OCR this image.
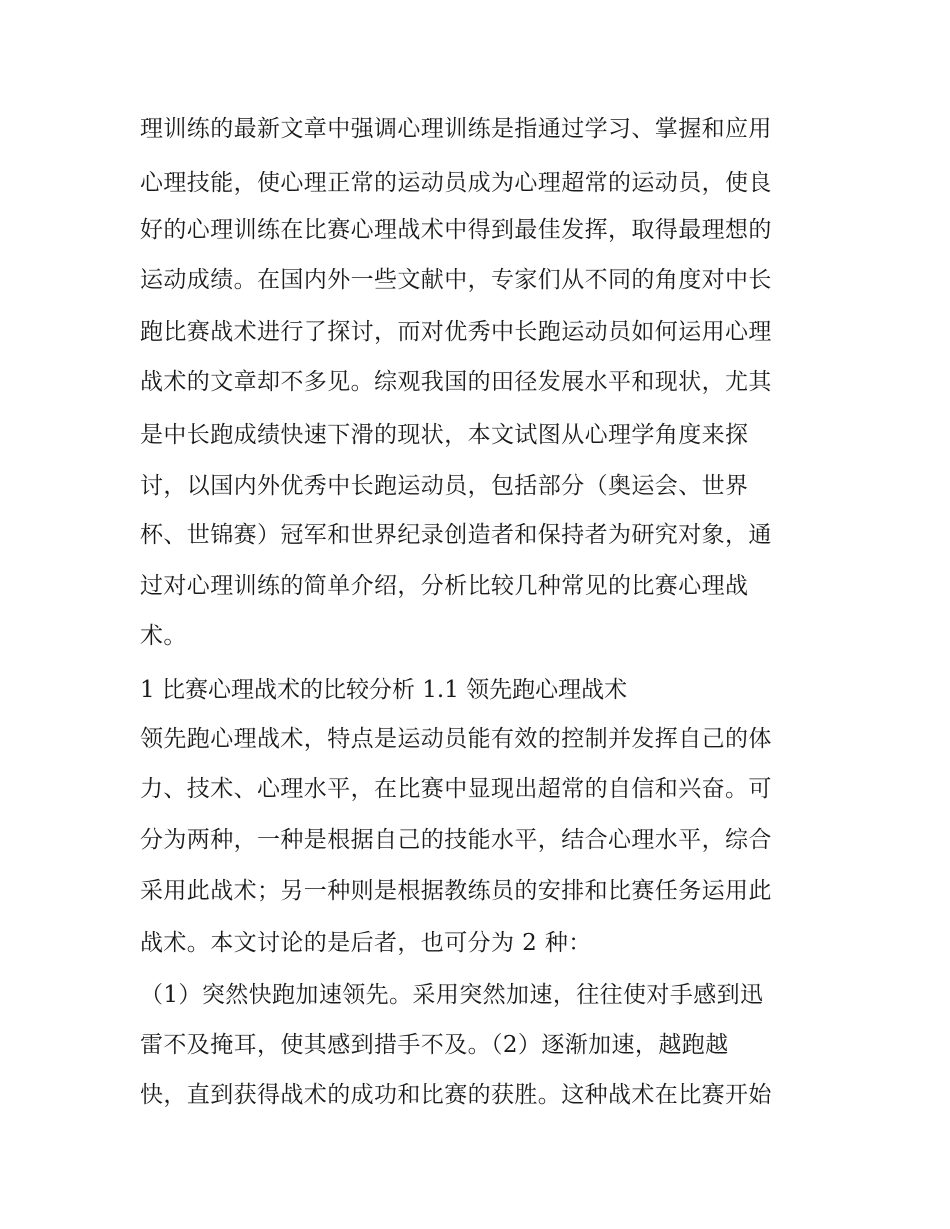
理训练的最新文章中强调心理训练是指通过学习、掌握和应用
心理技能，使心理正常的运动员成为心理超常的运动员，使良
好的心理训练在比赛心理战术中得到最佳发挥，取得最理想的
运动成绩。在国内外一些文献中，专家们从不同的角度对中长
跑比赛战术进行了探讨，而对优秀中长跑运动员如何运用心理
战术的文章却不多见。综观我国的田径发展水平和现状，尤其
是中长跑成绩快速下滑的现状，本文试图从心理学角度来探
讨，以国内外优秀中长跑运动员，包括部分（奥运会、世界
杯、世锦赛）冠军和世界纪录创造者和保持者为研究对象，通
过对心理训练的简单介绍，分析比较几种常见的比赛心理战
术。
1 比赛心理战术的比较分析 1.1 领先跑心理战术
领先跑心理战术，特点是运动员能有效的控制并发挥自己的体
力、技术、心理水平，在比赛中显现出超常的自信和兴奋。可
分为两种，一种是根据自己的技能水平，结合心理水平，综合
采用此战术；另一种则是根据教练员的安排和比赛任务运用此
战术。本文讨论的是后者，也可分为 2 种：
（1）突然快跑加速领先。采用突然加速，往往使对手感到迅
雷不及掩耳，使其感到措手不及。（2）逐渐加速，越跑越
快，直到获得战术的成功和比赛的获胜。这种战术在比赛开始
